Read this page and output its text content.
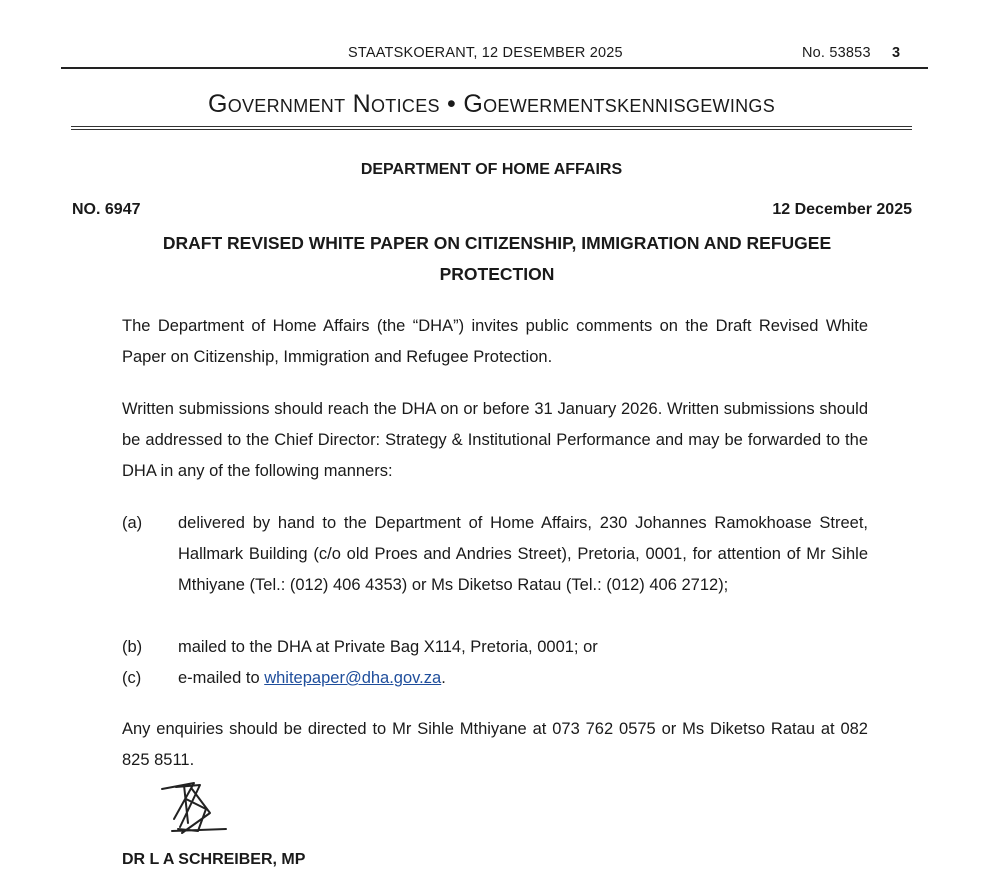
STAATSKOERANT, 12 DESEMBER 2025	No. 53853 3
Government Notices • Goewermentskennisgewings
DEPARTMENT OF HOME AFFAIRS
NO. 6947	12 December 2025
DRAFT REVISED WHITE PAPER ON CITIZENSHIP, IMMIGRATION AND REFUGEE PROTECTION

The Department of Home Affairs (the “DHA”) invites public comments on the Draft Revised White Paper on Citizenship, Immigration and Refugee Protection.

Written submissions should reach the DHA on or before 31 January 2026. Written submissions should be addressed to the Chief Director: Strategy & Institutional Performance and may be forwarded to the DHA in any of the following manners:

(a) delivered by hand to the Department of Home Affairs, 230 Johannes Ramokhoase Street, Hallmark Building (c/o old Proes and Andries Street), Pretoria, 0001, for attention of Mr Sihle Mthiyane (Tel.: (012) 406 4353) or Ms Diketso Ratau (Tel.: (012) 406 2712);
(b) mailed to the DHA at Private Bag X114, Pretoria, 0001; or
(c) e-mailed to whitepaper@dha.gov.za.

Any enquiries should be directed to Mr Sihle Mthiyane at 073 762 0575 or Ms Diketso Ratau at 082 825 8511.

DR L A SCHREIBER, MP
